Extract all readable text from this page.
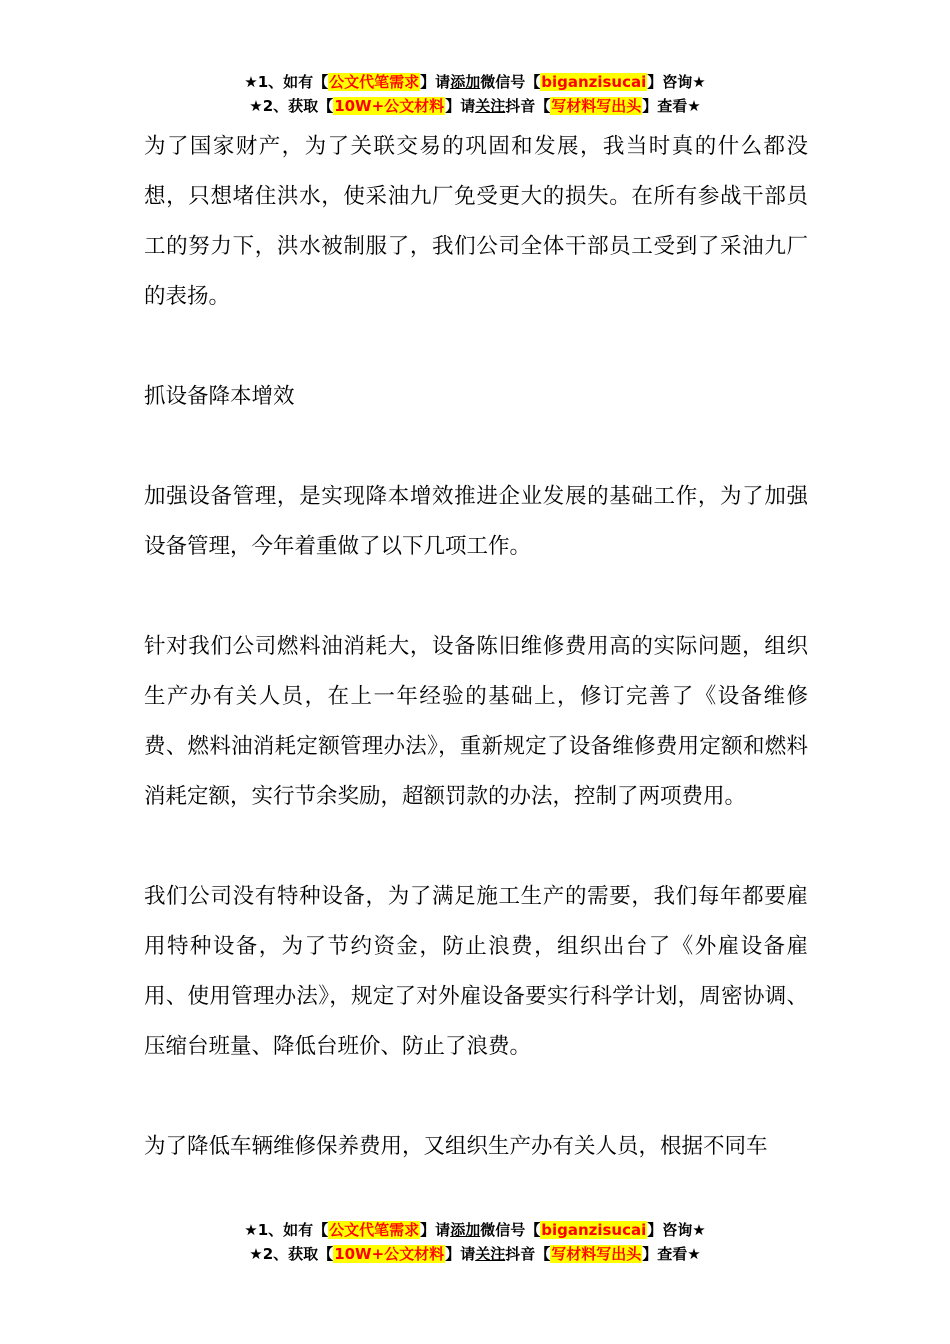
★1、如有【公文代笔需求】请添加微信号【biganzisucai】咨询★
★2、获取【10W+公文材料】请关注抖音【写材料写出头】查看★

为了国家财产，为了关联交易的巩固和发展，我当时真的什么都没想，只想堵住洪水，使采油九厂免受更大的损失。在所有参战干部员工的努力下，洪水被制服了，我们公司全体干部员工受到了采油九厂的表扬。

抓设备降本增效

加强设备管理，是实现降本增效推进企业发展的基础工作，为了加强设备管理，今年着重做了以下几项工作。

针对我们公司燃料油消耗大，设备陈旧维修费用高的实际问题，组织生产办有关人员，在上一年经验的基础上，修订完善了《设备维修费、燃料油消耗定额管理办法》，重新规定了设备维修费用定额和燃料消耗定额，实行节余奖励，超额罚款的办法，控制了两项费用。

我们公司没有特种设备，为了满足施工生产的需要，我们每年都要雇用特种设备，为了节约资金，防止浪费，组织出台了《外雇设备雇用、使用管理办法》，规定了对外雇设备要实行科学计划，周密协调、压缩台班量、降低台班价、防止了浪费。

为了降低车辆维修保养费用，又组织生产办有关人员，根据不同车

★1、如有【公文代笔需求】请添加微信号【biganzisucai】咨询★
★2、获取【10W+公文材料】请关注抖音【写材料写出头】查看★
